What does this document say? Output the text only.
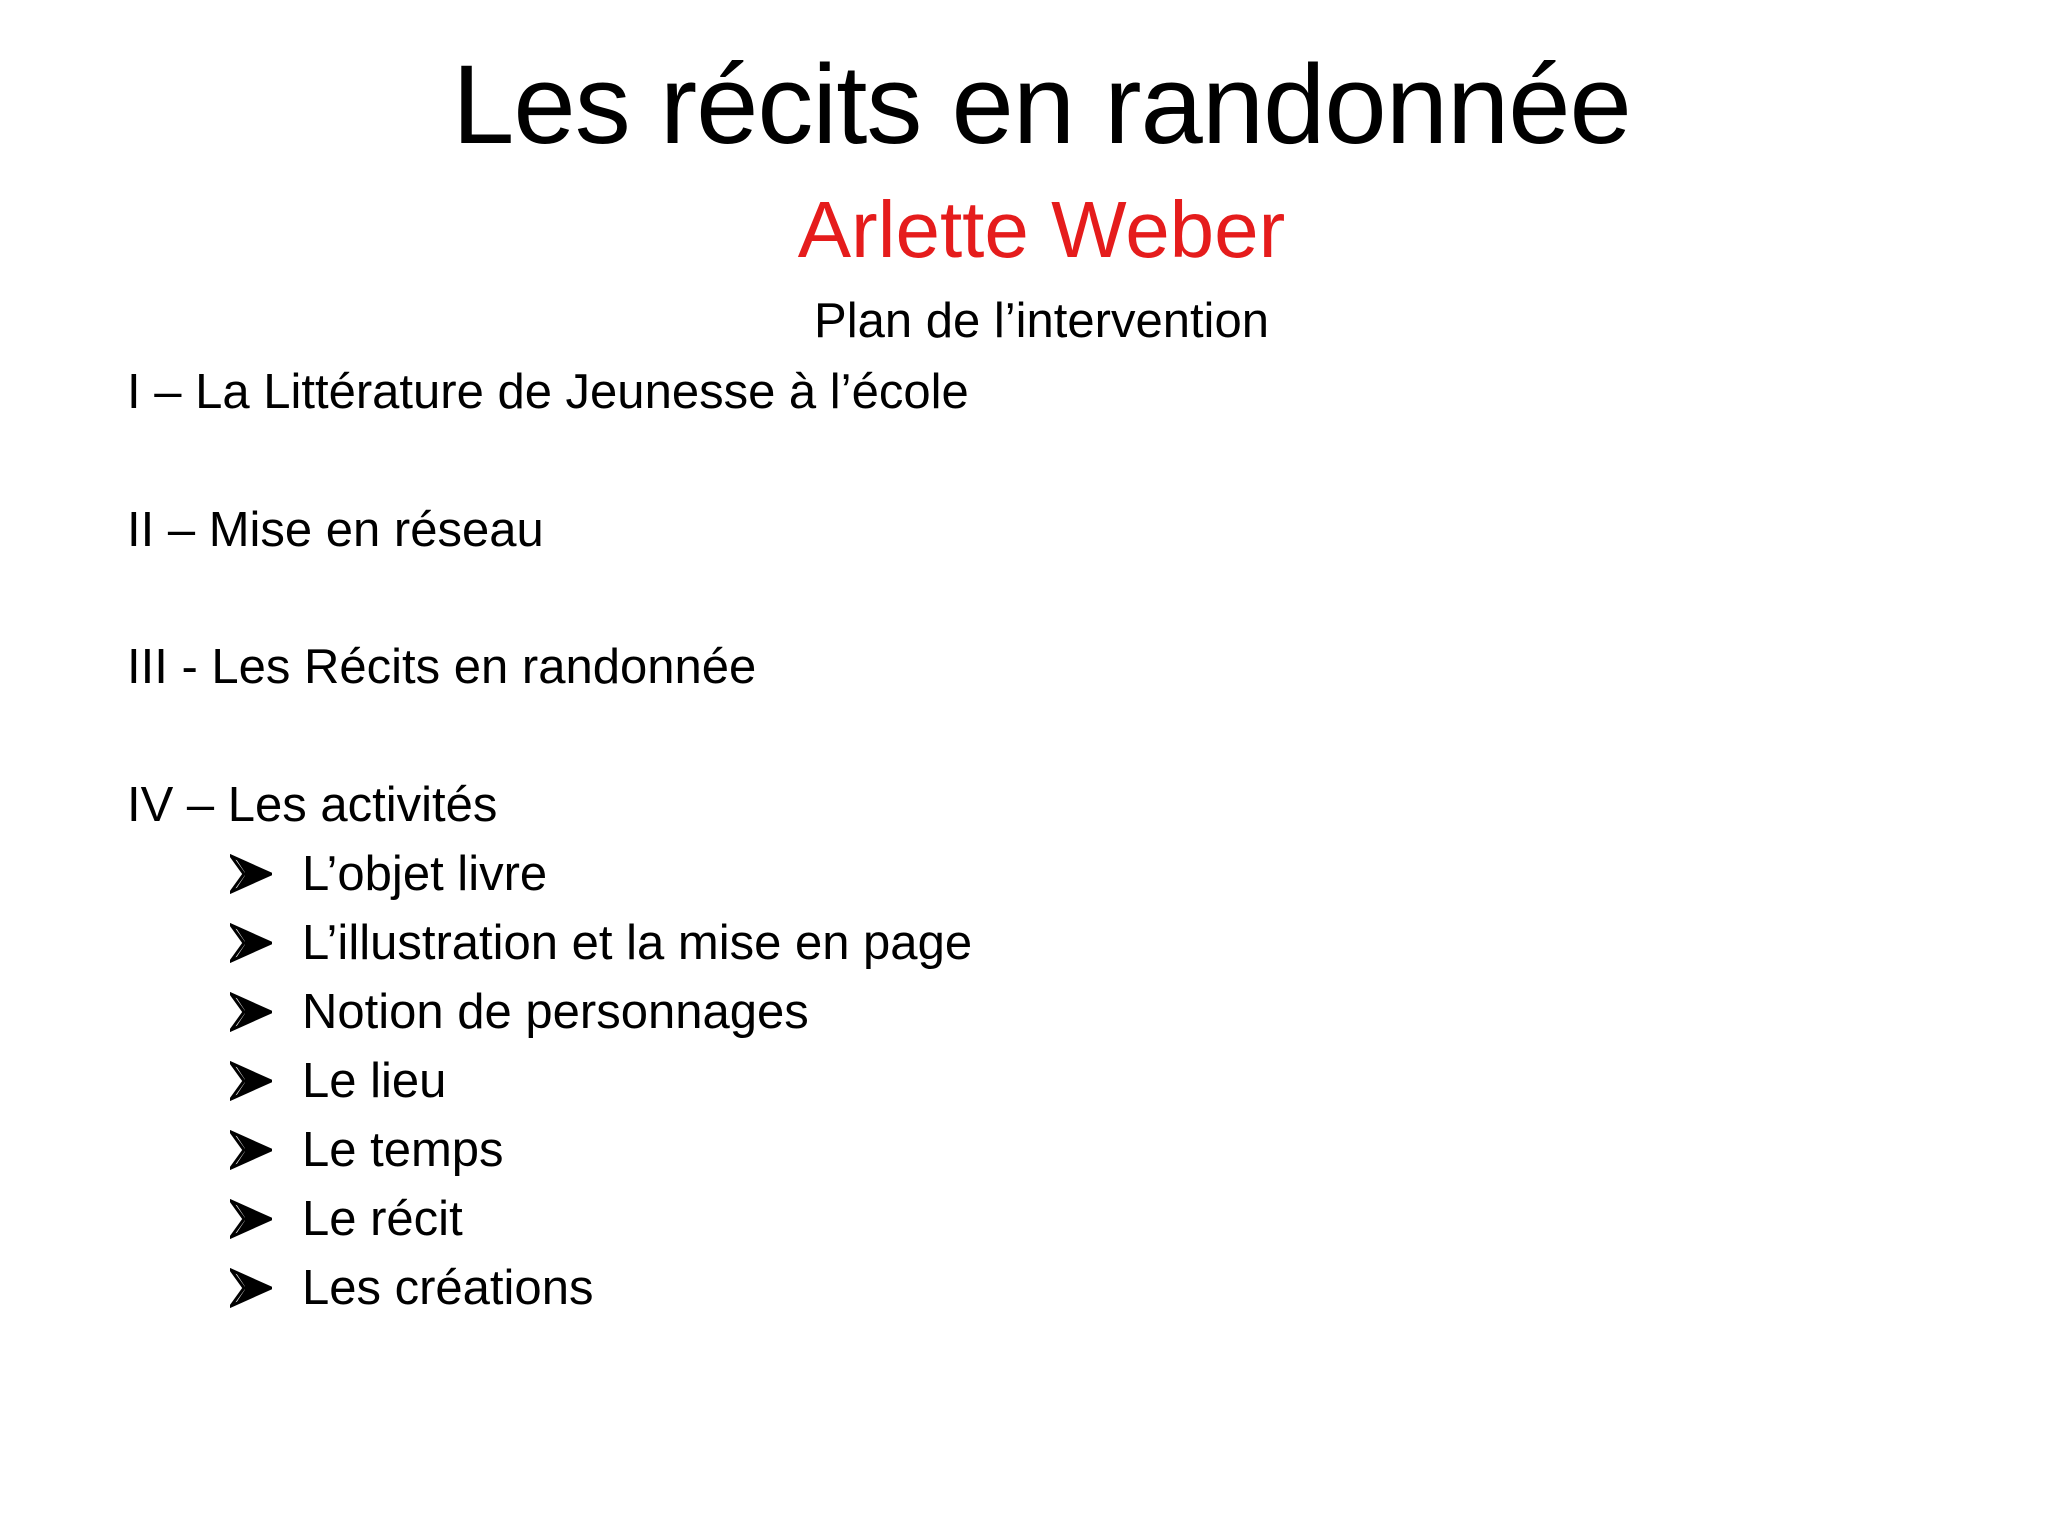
Les récits en randonnée
Arlette Weber
Plan de l’intervention
I – La Littérature de Jeunesse à l’école
II – Mise en réseau
III - Les Récits en randonnée
IV – Les activités
L’objet livre
L’illustration et la mise en page
Notion de personnages
Le lieu
Le temps
Le récit
Les créations
